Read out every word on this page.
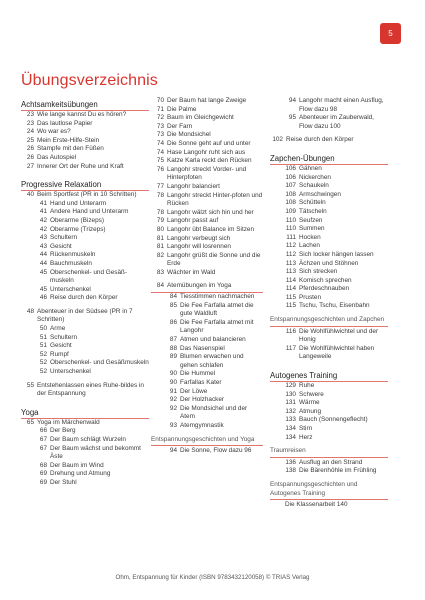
5
Übungsverzeichnis
Achtsamkeitsübungen
23 Wie lange kannst Du es hören?
23 Das lautlose Papier
24 Wo war es?
25 Mein Erste-Hilfe-Stein
26 Stampfe mit den Füßen
26 Das Autospiel
27 Innerer Ort der Ruhe und Kraft
Progressive Relaxation
40 Beim Sportfest (PR in 10 Schritten)
41 Hand und Unterarm
41 Andere Hand und Unterarm
42 Oberarme (Bizeps)
42 Oberarme (Trizeps)
43 Schultern
43 Gesicht
44 Rückenmuskeln
44 Bauchmuskeln
45 Oberschenkel- und Gesäß-muskeln
45 Unterschenkel
46 Reise durch den Körper
48 Abenteuer in der Südsee (PR in 7 Schritten)
50 Arme
51 Schultern
51 Gesicht
52 Rumpf
52 Oberschenkel- und Gesäßmuskeln
52 Unterschenkel
55 Entstehenlassen eines Ruhe-bildes in der Entspannung
Yoga
65 Yoga im Märchenwald
66 Der Berg
67 Der Baum schlägt Wurzeln
67 Der Baum wächst und bekommt Äste
68 Der Baum im Wind
69 Drehung und Atmung
69 Der Stuhl
70 Der Baum hat lange Zweige
71 Die Palme
72 Baum im Gleichgewicht
73 Der Farn
73 Die Mondsichel
74 Die Sonne geht auf und unter
74 Hase Langohr ruht sich aus
75 Katze Karla reckt den Rücken
76 Langohr streckt Vorder- und Hinterpfoten
77 Langohr balanciert
78 Langohr streckt Hinter-pfoten und Rücken
78 Langohr wälzt sich hin und her
79 Langohr passt auf
80 Langohr übt Balance im Sitzen
81 Langohr verbeugt sich
81 Langohr will losrennen
82 Langohr grüßt die Sonne und die Erde
83 Wächter im Wald
84 Atemübungen im Yoga
84 Tiesstimmen nachmachen
85 Die Fee Farfalla atmet die gute Waldluft
86 Die Fee Farfalla atmet mit Langohr
87 Atmen und balancieren
88 Das Nasenspiel
89 Blumen erwachen und gehen schlafen
90 Die Hummel
90 Farfallas Kater
91 Der Löwe
92 Der Holzhacker
92 Die Mondsichel und der Atem
93 Atemgymnastik
Entspannungsgeschichten und Yoga
94 Die Sonne, Flow dazu 96
94 Langohr macht einen Ausflug, Flow dazu 98
95 Abenteuer im Zauberwald, Flow dazu 100
102 Reise durch den Körper
Zapchen-Übungen
106 Gähnen
106 Nickerchen
107 Schaukeln
108 Armschwingen
108 Schütteln
109 Tätscheln
110 Seufzen
110 Summen
111 Hocken
112 Lachen
112 Sich locker hängen lassen
113 Ächzen und Stöhnen
113 Sich strecken
114 Komisch sprechen
114 Pferdeschnauben
115 Prusten
115 Tschu, Tschu, Eisenbahn
Entspannungsgeschichten und Zapchen
116 Die Wohlfühlwichtel und der Honig
117 Die Wohlfühlwichtel haben Langeweile
Autogenes Training
129 Ruhe
130 Schwere
131 Wärme
132 Atmung
133 Bauch (Sonnengeflecht)
134 Stirn
134 Herz
Traumreisen
136 Ausflug an den Strand
138 Die Bärenhöhle im Frühling
Entspannungsgeschichten und Autogenes Training
Die Klassenarbeit 140
Ohm, Entspannung für Kinder (ISBN 9783432120058) © TRIAS Verlag
